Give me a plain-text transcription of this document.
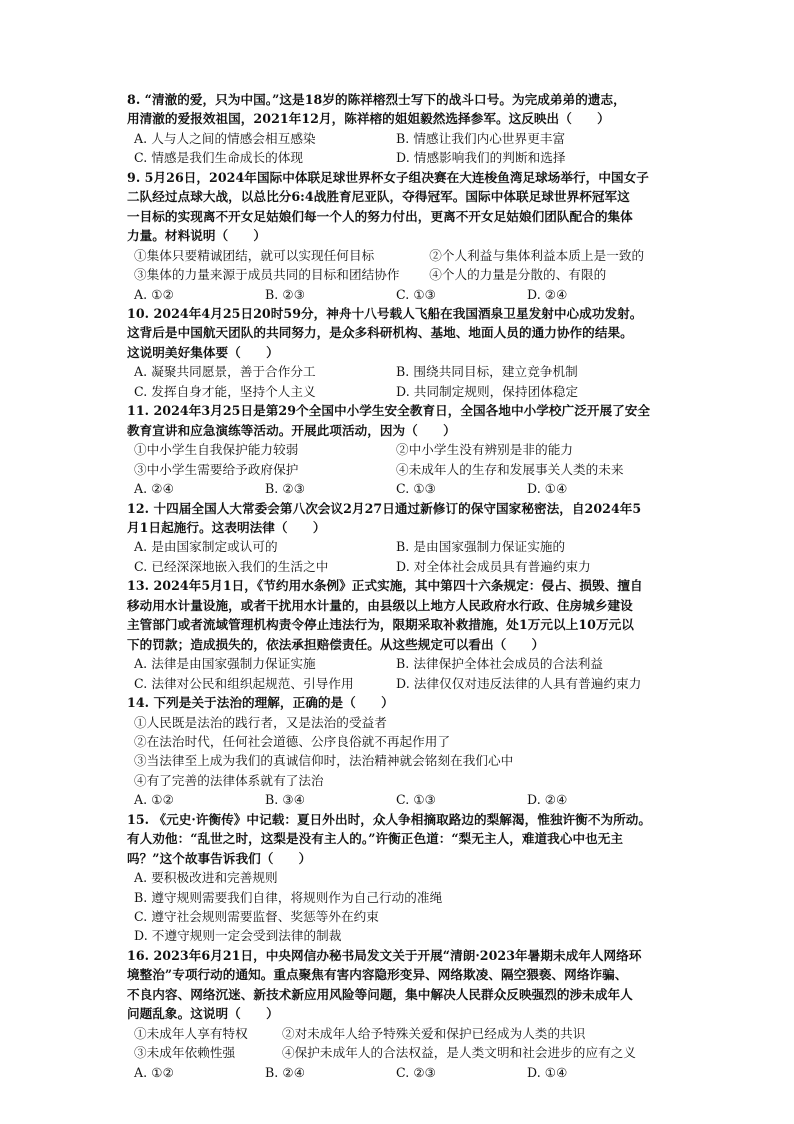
8. “清澈的爱，只为中国。”这是18岁的陈祥榕烈士写下的战斗口号。为完成弟弟的遗志，
用清澈的爱报效祖国，2021年12月，陈祥榕的姐姐毅然选择参军。这反映出（　　）
A. 人与人之间的情感会相互感染	B. 情感让我们内心世界更丰富
C. 情感是我们生命成长的体现	D. 情感影响我们的判断和选择
9. 5月26日，2024年国际中体联足球世界杯女子组决赛在大连梭鱼湾足球场举行，中国女子
二队经过点球大战，以总比分6:4战胜育尼亚队，夺得冠军。国际中体联足球世界杯冠军这
一目标的实现离不开女足姑娘们每一个人的努力付出，更离不开女足姑娘们团队配合的集体
力量。材料说明（　　）
①集体只要精诚团结，就可以实现任何目标	②个人利益与集体利益本质上是一致的
③集体的力量来源于成员共同的目标和团结协作	④个人的力量是分散的、有限的
A. ①②	B. ②③	C. ①③	D. ②④
10. 2024年4月25日20时59分，神舟十八号载人飞船在我国酒泉卫星发射中心成功发射。
这背后是中国航天团队的共同努力，是众多科研机构、基地、地面人员的通力协作的结果。
这说明美好集体要（　　）
A. 凝聚共同愿景，善于合作分工	B. 围绕共同目标，建立竞争机制
C. 发挥自身才能，坚持个人主义	D. 共同制定规则，保持团体稳定
11. 2024年3月25日是第29个全国中小学生安全教育日，全国各地中小学校广泛开展了安全
教育宣讲和应急演练等活动。开展此项活动，因为（　　）
①中小学生自我保护能力较弱	②中小学生没有辨别是非的能力
③中小学生需要给予政府保护	④未成年人的生存和发展事关人类的未来
A. ②④	B. ②③	C. ①③	D. ①④
12. 十四届全国人大常委会第八次会议2月27日通过新修订的保守国家秘密法，自2024年5
月1日起施行。这表明法律（　　）
A. 是由国家制定或认可的	B. 是由国家强制力保证实施的
C. 已经深深地嵌入我们的生活之中	D. 对全体社会成员具有普遍约束力
13. 2024年5月1日，《节约用水条例》正式实施，其中第四十六条规定：侵占、损毁、擅自
移动用水计量设施，或者干扰用水计量的，由县级以上地方人民政府水行政、住房城乡建设
主管部门或者流域管理机构责令停止违法行为，限期采取补救措施，处1万元以上10万元以
下的罚款；造成损失的，依法承担赔偿责任。从这些规定可以看出（　　）
A. 法律是由国家强制力保证实施	B. 法律保护全体社会成员的合法利益
C. 法律对公民和组织起规范、引导作用	D. 法律仅仅对违反法律的人具有普遍约束力
14. 下列是关于法治的理解，正确的是（　　）
①人民既是法治的践行者，又是法治的受益者
②在法治时代，任何社会道德、公序良俗就不再起作用了
③当法律至上成为我们的真诚信仰时，法治精神就会铭刻在我们心中
④有了完善的法律体系就有了法治
A. ①②	B. ③④	C. ①③	D. ②④
15. 《元史·许衡传》中记载：夏日外出时，众人争相摘取路边的梨解渴，惟独许衡不为所动。
有人劝他：“乱世之时，这梨是没有主人的。”许衡正色道：“梨无主人，难道我心中也无主
吗？”这个故事告诉我们（　　）
A. 要积极改进和完善规则
B. 遵守规则需要我们自律，将规则作为自己行动的准绳
C. 遵守社会规则需要监督、奖惩等外在约束
D. 不遵守规则一定会受到法律的制裁
16. 2023年6月21日，中央网信办秘书局发文关于开展“清朗·2023年暑期未成年人网络环
境整治”专项行动的通知。重点聚焦有害内容隐形变异、网络欺凌、隔空猥亵、网络诈骗、
不良内容、网络沉迷、新技术新应用风险等问题，集中解决人民群众反映强烈的涉未成年人
问题乱象。这说明（　　）
①未成年人享有特权	②对未成年人给予特殊关爱和保护已经成为人类的共识
③未成年依赖性强	④保护未成年人的合法权益，是人类文明和社会进步的应有之义
A. ①②	B. ②④	C. ②③	D. ①④
